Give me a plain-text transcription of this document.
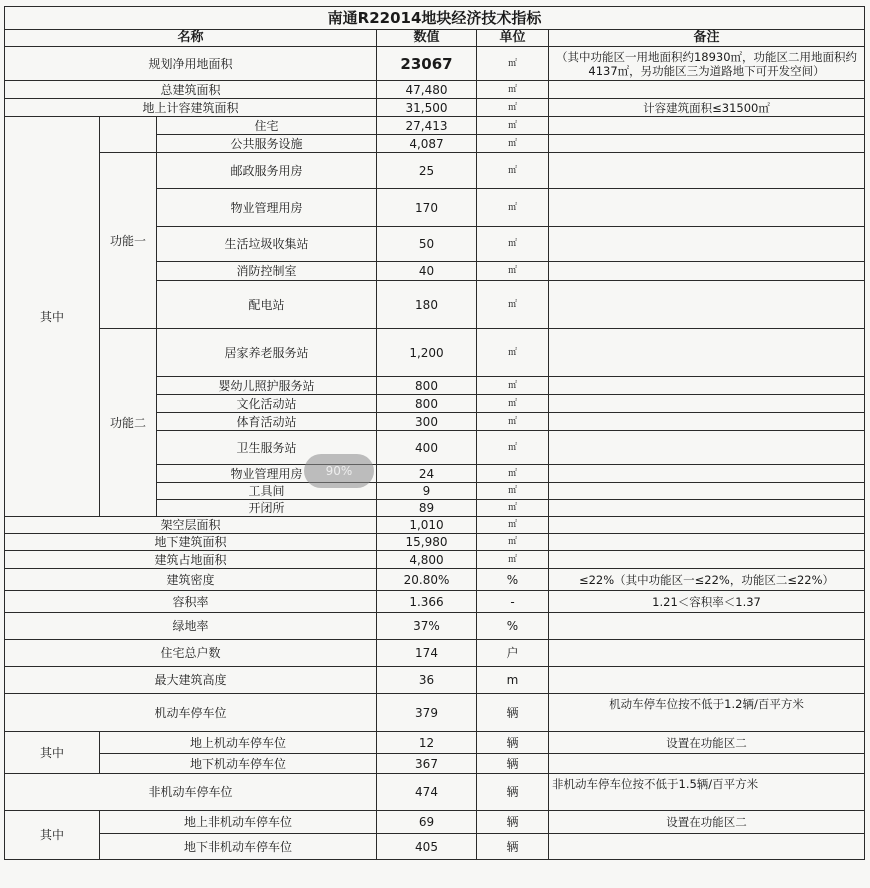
南通R22014地块经济技术指标					
名称			数值	单位	备注
规划净用地面积			23067	㎡	（其中功能区一用地面积约18930㎡，功能区二用地面积约4137㎡，另功能区三为道路地下可开发空间）
总建筑面积			47,480	㎡	
地上计容建筑面积			31,500	㎡	计容建筑面积≤31500㎡
其中		住宅	27,413	㎡	
		公共服务设施	4,087	㎡	
	功能一	邮政服务用房	25	㎡	
		物业管理用房	170	㎡	
		生活垃圾收集站	50	㎡	
		消防控制室	40	㎡	
		配电站	180	㎡	
	功能二	居家养老服务站	1,200	㎡	
		婴幼儿照护服务站	800	㎡	
		文化活动站	800	㎡	
		体育活动站	300	㎡	
		卫生服务站	400	㎡	
		物业管理用房	24	㎡	
		工具间	9	㎡	
		开闭所	89	㎡	
架空层面积			1,010	㎡	
地下建筑面积			15,980	㎡	
建筑占地面积			4,800	㎡	
建筑密度			20.80%	%	≤22%（其中功能区一≤22%，功能区二≤22%）
容积率			1.366	-	1.21＜容积率＜1.37
绿地率			37%	%	
住宅总户数			174	户	
最大建筑高度			36	m	
机动车停车位			379	辆	机动车停车位按不低于1.2辆/百平方米
其中	地上机动车停车位		12	辆	设置在功能区二
	地下机动车停车位		367	辆	
非机动车停车位			474	辆	非机动车停车位按不低于1.5辆/百平方米
其中	地上非机动车停车位		69	辆	设置在功能区二
	地下非机动车停车位		405	辆	
90%
